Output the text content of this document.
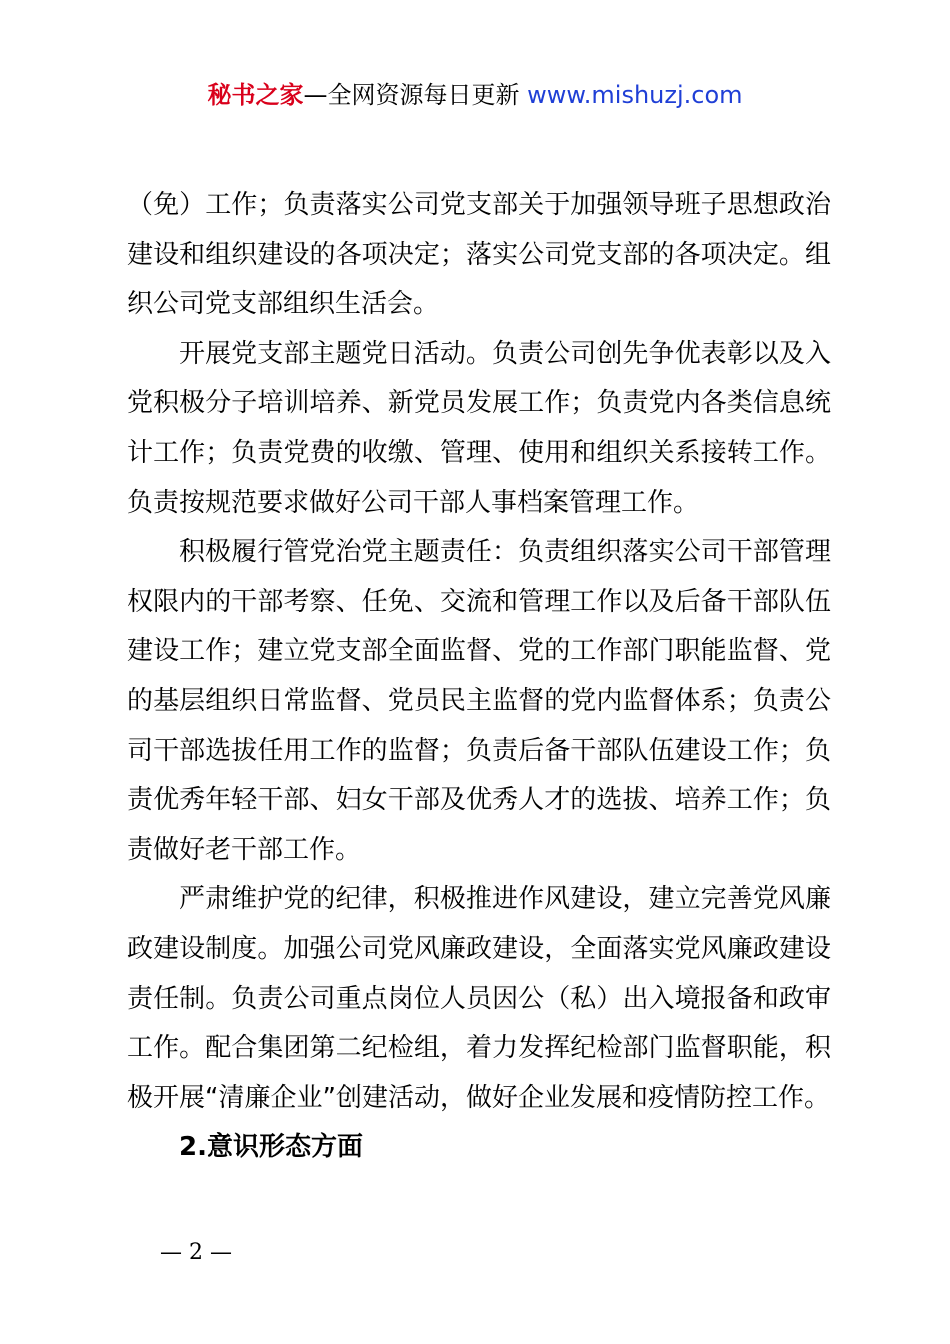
秘书之家—全网资源每日更新 www.mishuzj.com

（免）工作；负责落实公司党支部关于加强领导班子思想政治建设和组织建设的各项决定；落实公司党支部的各项决定。组织公司党支部组织生活会。

开展党支部主题党日活动。负责公司创先争优表彰以及入党积极分子培训培养、新党员发展工作；负责党内各类信息统计工作；负责党费的收缴、管理、使用和组织关系接转工作。负责按规范要求做好公司干部人事档案管理工作。

积极履行管党治党主题责任：负责组织落实公司干部管理权限内的干部考察、任免、交流和管理工作以及后备干部队伍建设工作；建立党支部全面监督、党的工作部门职能监督、党的基层组织日常监督、党员民主监督的党内监督体系；负责公司干部选拔任用工作的监督；负责后备干部队伍建设工作；负责优秀年轻干部、妇女干部及优秀人才的选拔、培养工作；负责做好老干部工作。

严肃维护党的纪律，积极推进作风建设，建立完善党风廉政建设制度。加强公司党风廉政建设，全面落实党风廉政建设责任制。负责公司重点岗位人员因公（私）出入境报备和政审工作。配合集团第二纪检组，着力发挥纪检部门监督职能，积极开展“清廉企业”创建活动，做好企业发展和疫情防控工作。

2.意识形态方面

— 2 —
